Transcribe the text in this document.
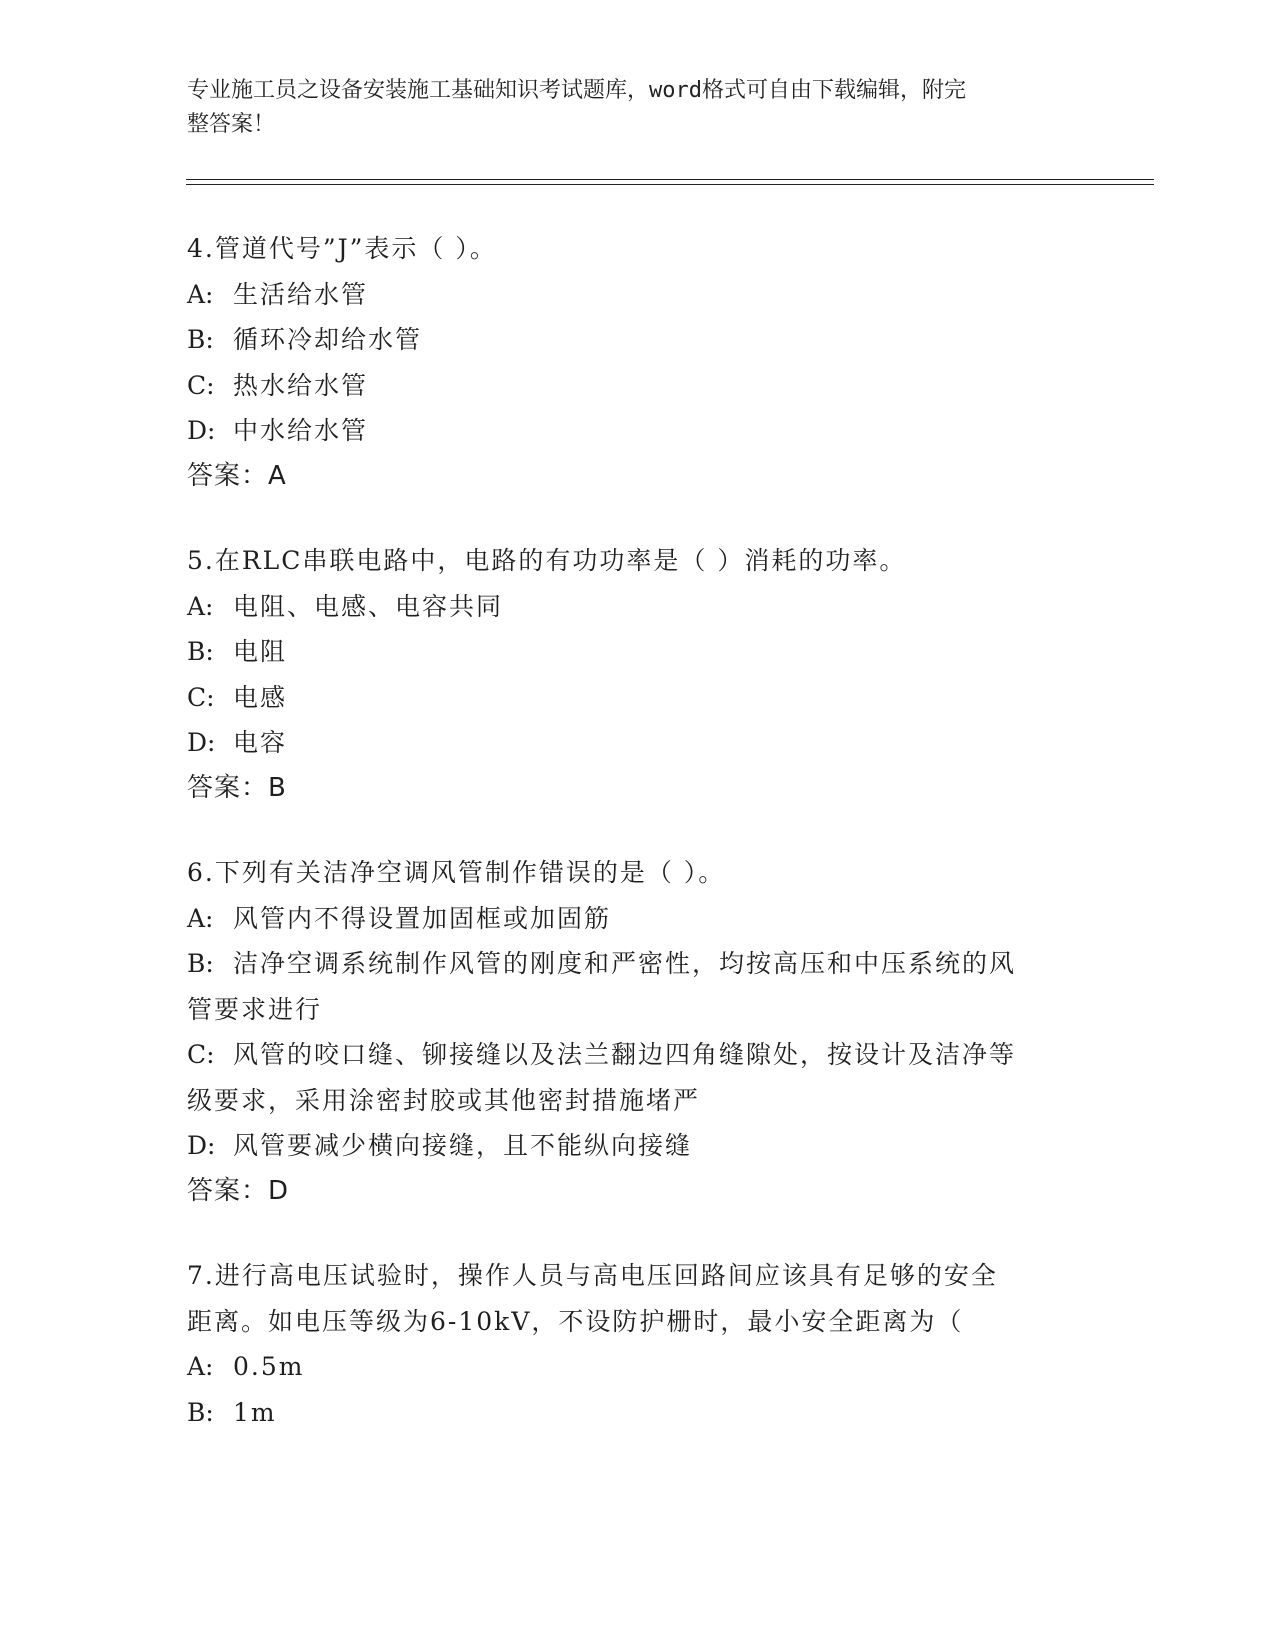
专业施工员之设备安装施工基础知识考试题库，word格式可自由下载编辑，附完
整答案！
4.管道代号”J”表示（ ）。
A: 生活给水管
B: 循环冷却给水管
C: 热水给水管
D: 中水给水管
答案：A
5.在RLC串联电路中，电路的有功功率是（ ）消耗的功率。
A: 电阻、电感、电容共同
B: 电阻
C: 电感
D: 电容
答案：B
6.下列有关洁净空调风管制作错误的是（ ）。
A: 风管内不得设置加固框或加固筋
B: 洁净空调系统制作风管的刚度和严密性，均按高压和中压系统的风
管要求进行
C: 风管的咬口缝、铆接缝以及法兰翻边四角缝隙处，按设计及洁净等
级要求，采用涂密封胶或其他密封措施堵严
D: 风管要减少横向接缝，且不能纵向接缝
答案：D
7.进行高电压试验时，操作人员与高电压回路间应该具有足够的安全
距离。如电压等级为6-10kV，不设防护栅时，最小安全距离为（
A: 0.5m
B: 1m
